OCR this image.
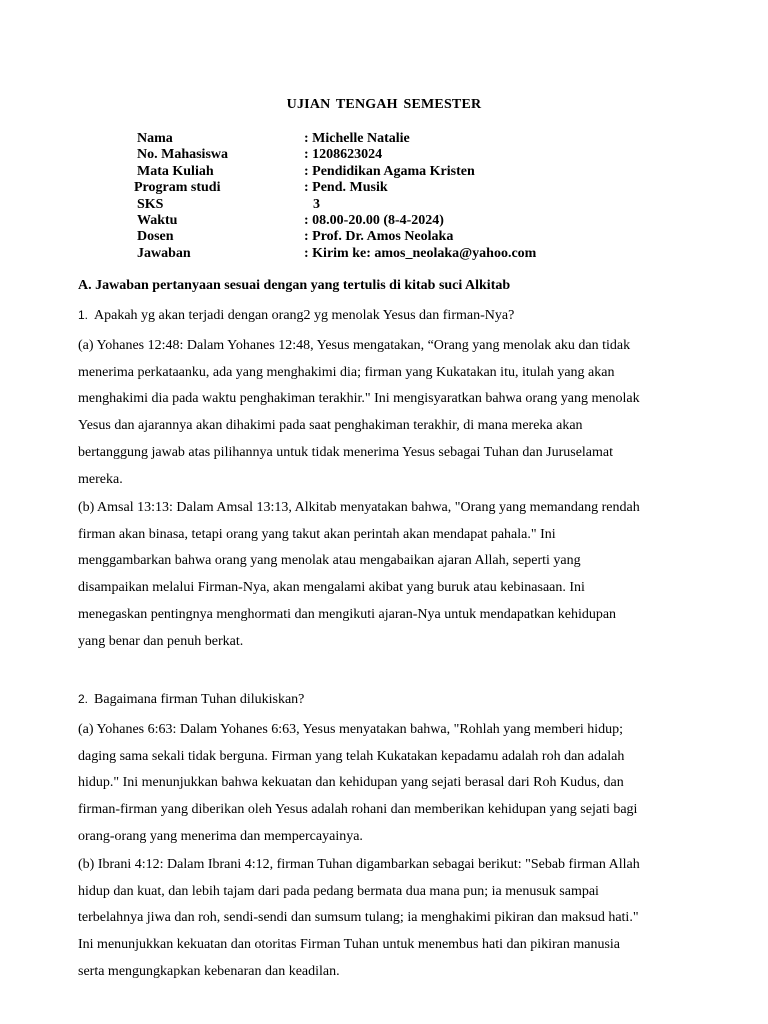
UJIAN TENGAH SEMESTER
Nama	: Michelle Natalie
No. Mahasiswa	: 1208623024
Mata Kuliah	: Pendidikan Agama Kristen
Program studi	: Pend. Musik
SKS	3
Waktu	: 08.00-20.00 (8-4-2024)
Dosen	: Prof. Dr. Amos Neolaka
Jawaban	: Kirim ke: amos_neolaka@yahoo.com
A. Jawaban pertanyaan sesuai dengan yang tertulis di kitab suci Alkitab
1. Apakah yg akan terjadi dengan orang2 yg menolak Yesus dan firman-Nya?
(a) Yohanes 12:48: Dalam Yohanes 12:48, Yesus mengatakan, “Orang yang menolak aku dan tidak
menerima perkataanku, ada yang menghakimi dia; firman yang Kukatakan itu, itulah yang akan
menghakimi dia pada waktu penghakiman terakhir." Ini mengisyaratkan bahwa orang yang menolak
Yesus dan ajarannya akan dihakimi pada saat penghakiman terakhir, di mana mereka akan
bertanggung jawab atas pilihannya untuk tidak menerima Yesus sebagai Tuhan dan Juruselamat
mereka.
(b) Amsal 13:13: Dalam Amsal 13:13, Alkitab menyatakan bahwa, "Orang yang memandang rendah
firman akan binasa, tetapi orang yang takut akan perintah akan mendapat pahala." Ini
menggambarkan bahwa orang yang menolak atau mengabaikan ajaran Allah, seperti yang
disampaikan melalui Firman-Nya, akan mengalami akibat yang buruk atau kebinasaan. Ini
menegaskan pentingnya menghormati dan mengikuti ajaran-Nya untuk mendapatkan kehidupan
yang benar dan penuh berkat.
2. Bagaimana firman Tuhan dilukiskan?
(a) Yohanes 6:63: Dalam Yohanes 6:63, Yesus menyatakan bahwa, "Rohlah yang memberi hidup;
daging sama sekali tidak berguna. Firman yang telah Kukatakan kepadamu adalah roh dan adalah
hidup." Ini menunjukkan bahwa kekuatan dan kehidupan yang sejati berasal dari Roh Kudus, dan
firman-firman yang diberikan oleh Yesus adalah rohani dan memberikan kehidupan yang sejati bagi
orang-orang yang menerima dan mempercayainya.
(b) Ibrani 4:12: Dalam Ibrani 4:12, firman Tuhan digambarkan sebagai berikut: "Sebab firman Allah
hidup dan kuat, dan lebih tajam dari pada pedang bermata dua mana pun; ia menusuk sampai
terbelahnya jiwa dan roh, sendi-sendi dan sumsum tulang; ia menghakimi pikiran dan maksud hati."
Ini menunjukkan kekuatan dan otoritas Firman Tuhan untuk menembus hati dan pikiran manusia
serta mengungkapkan kebenaran dan keadilan.
